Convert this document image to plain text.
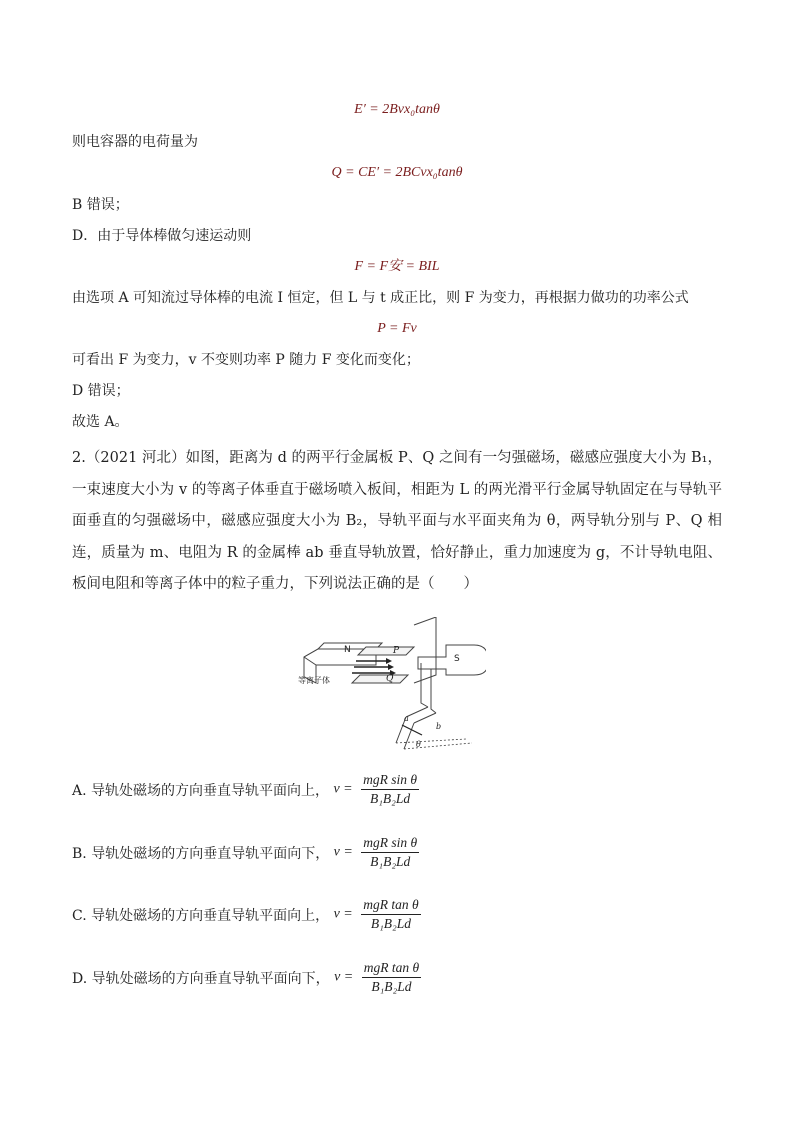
E′ = 2Bvx₀tanθ
则电容器的电荷量为
Q = CE′ = 2BCvx₀tanθ
B 错误；
D．由于导体棒做匀速运动则
F = F安 = BIL
由选项 A 可知流过导体棒的电流 I 恒定，但 L 与 t 成正比，则 F 为变力，再根据力做功的功率公式
P = Fv
可看出 F 为变力，v 不变则功率 P 随力 F 变化而变化；
D 错误；
故选 A。
2.（2021 河北）如图，距离为 d 的两平行金属板 P、Q 之间有一匀强磁场，磁感应强度大小为 B₁，一束速度大小为 v 的等离子体垂直于磁场喷入板间，相距为 L 的两光滑平行金属导轨固定在与导轨平面垂直的匀强磁场中，磁感应强度大小为 B₂，导轨平面与水平面夹角为 θ，两导轨分别与 P、Q 相连，质量为 m、电阻为 R 的金属棒 ab 垂直导轨放置，恰好静止，重力加速度为 g，不计导轨电阻、板间电阻和等离子体中的粒子重力，下列说法正确的是（　　）
N	P
Q
等离子体
S
a
b
θ
A. 导轨处磁场的方向垂直导轨平面向上， $v = \frac{\text{mgR sin θ}}{\text{B₁B₂Ld}}$
B. 导轨处磁场的方向垂直导轨平面向下， $v = \frac{\text{mgR sin θ}}{\text{B₁B₂Ld}}$
C. 导轨处磁场的方向垂直导轨平面向上， $v = \frac{\text{mgR tan θ}}{\text{B₁B₂Ld}}$
D. 导轨处磁场的方向垂直导轨平面向下， $v = \frac{\text{mgR tan θ}}{\text{B₁B₂Ld}}$
